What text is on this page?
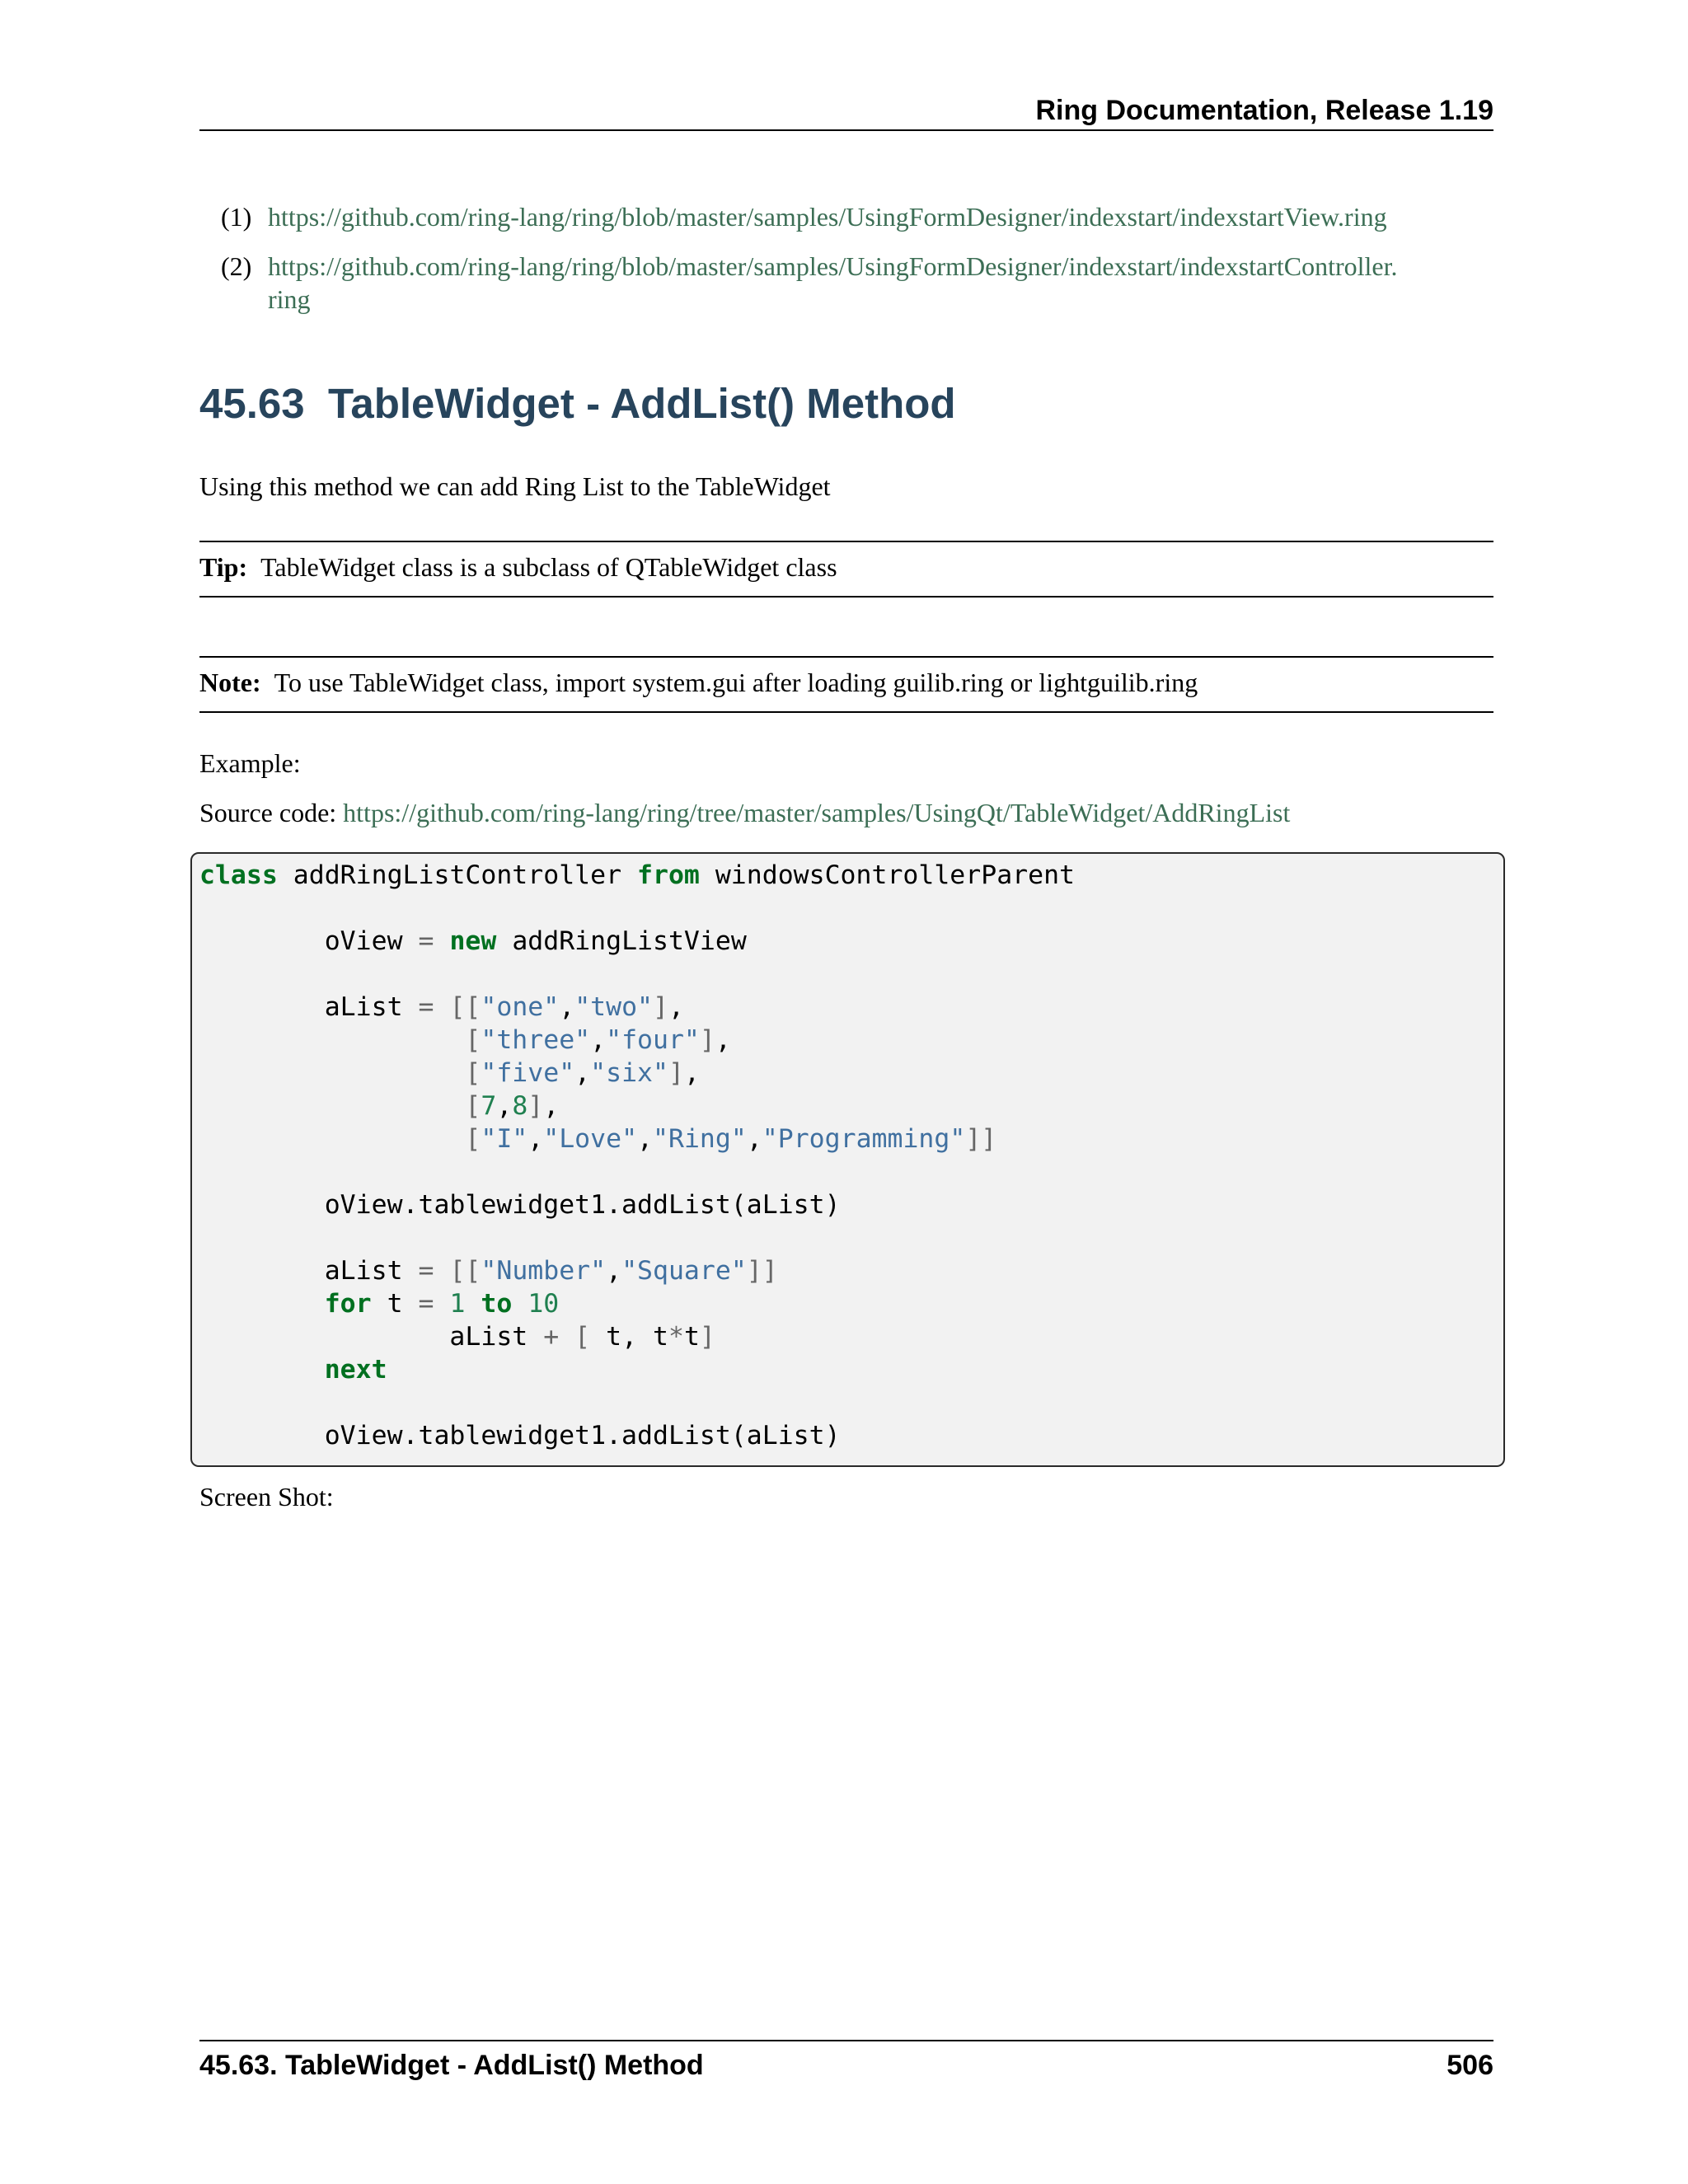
Ring Documentation, Release 1.19
(1) https://github.com/ring-lang/ring/blob/master/samples/UsingFormDesigner/indexstart/indexstartView.ring
(2) https://github.com/ring-lang/ring/blob/master/samples/UsingFormDesigner/indexstart/indexstartController.
ring
45.63 TableWidget - AddList() Method
Using this method we can add Ring List to the TableWidget
Tip: TableWidget class is a subclass of QTableWidget class
Note: To use TableWidget class, import system.gui after loading guilib.ring or lightguilib.ring
Example:
Source code: https://github.com/ring-lang/ring/tree/master/samples/UsingQt/TableWidget/AddRingList
class addRingListController from windowsControllerParent
oView = new addRingListView
aList = [["one","two"],
["three","four"],
["five","six"],
[7,8],
["I","Love","Ring","Programming"]]
oView.tablewidget1.addList(aList)
aList = [["Number","Square"]]
for t = 1 to 10
aList + [ t, t*t]
next
oView.tablewidget1.addList(aList)
Screen Shot:
45.63. TableWidget - AddList() Method	506
